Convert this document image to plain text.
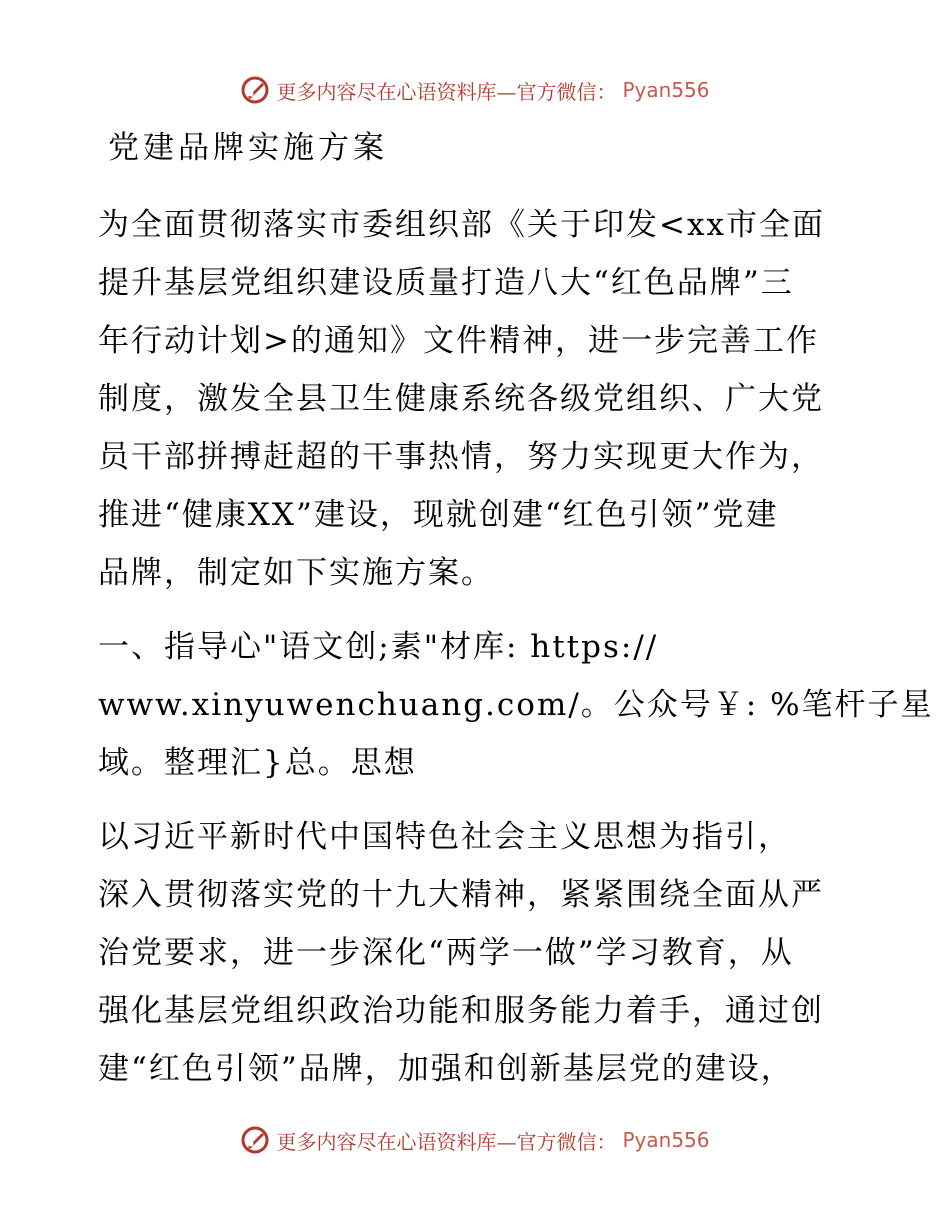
更多内容尽在心语资料库—官方微信： Pyan556
党建品牌实施方案
为全面贯彻落实市委组织部《关于印发<xx市全面
提升基层党组织建设质量打造八大“红色品牌”三
年行动计划>的通知》文件精神，进一步完善工作
制度，激发全县卫生健康系统各级党组织、广大党
员干部拼搏赶超的干事热情，努力实现更大作为，
推进“健康XX”建设，现就创建“红色引领”党建
品牌，制定如下实施方案。
一、指导心"语文创;素"材库: https://
www.xinyuwenchuang.com/。公众号￥: %笔杆子星
域。整理汇}总。思想
以习近平新时代中国特色社会主义思想为指引，
深入贯彻落实党的十九大精神，紧紧围绕全面从严
治党要求，进一步深化“两学一做”学习教育，从
强化基层党组织政治功能和服务能力着手，通过创
建“红色引领”品牌，加强和创新基层党的建设，
更多内容尽在心语资料库—官方微信： Pyan556
